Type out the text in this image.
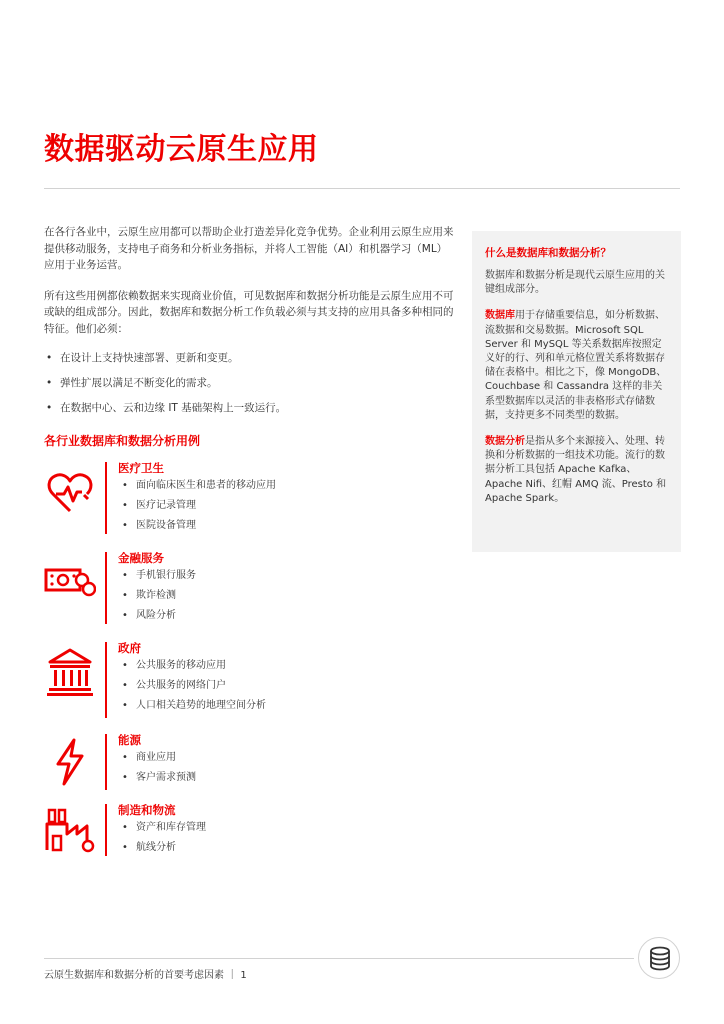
数据驱动云原生应用

在各行各业中，云原生应用都可以帮助企业打造差异化竞争优势。企业利用云原生应用来提供移动服务，支持电子商务和分析业务指标，并将人工智能（AI）和机器学习（ML）应用于业务运营。

所有这些用例都依赖数据来实现商业价值，可见数据库和数据分析功能是云原生应用不可或缺的组成部分。因此，数据库和数据分析工作负载必须与其支持的应用具备多种相同的特征。他们必须：

• 在设计上支持快速部署、更新和变更。
• 弹性扩展以满足不断变化的需求。
• 在数据中心、云和边缘 IT 基础架构上一致运行。
各行业数据库和数据分析用例
医疗卫生
• 面向临床医生和患者的移动应用
• 医疗记录管理
• 医院设备管理
金融服务
• 手机银行服务
• 欺诈检测
• 风险分析
政府
• 公共服务的移动应用
• 公共服务的网络门户
• 人口相关趋势的地理空间分析
能源
• 商业应用
• 客户需求预测
制造和物流
• 资产和库存管理
• 航线分析
什么是数据库和数据分析？

数据库和数据分析是现代云原生应用的关键组成部分。

数据库用于存储重要信息，如分析数据、流数据和交易数据。Microsoft SQL Server 和 MySQL 等关系数据库按照定义好的行、列和单元格位置关系将数据存储在表格中。相比之下，像 MongoDB、Couchbase 和 Cassandra 这样的非关系型数据库以灵活的非表格形式存储数据，支持更多不同类型的数据。

数据分析是指从多个来源接入、处理、转换和分析数据的一组技术功能。流行的数据分析工具包括 Apache Kafka、Apache Nifi、红帽 AMQ 流、Presto 和 Apache Spark。

云原生数据库和数据分析的首要考虑因素 ｜ 1
